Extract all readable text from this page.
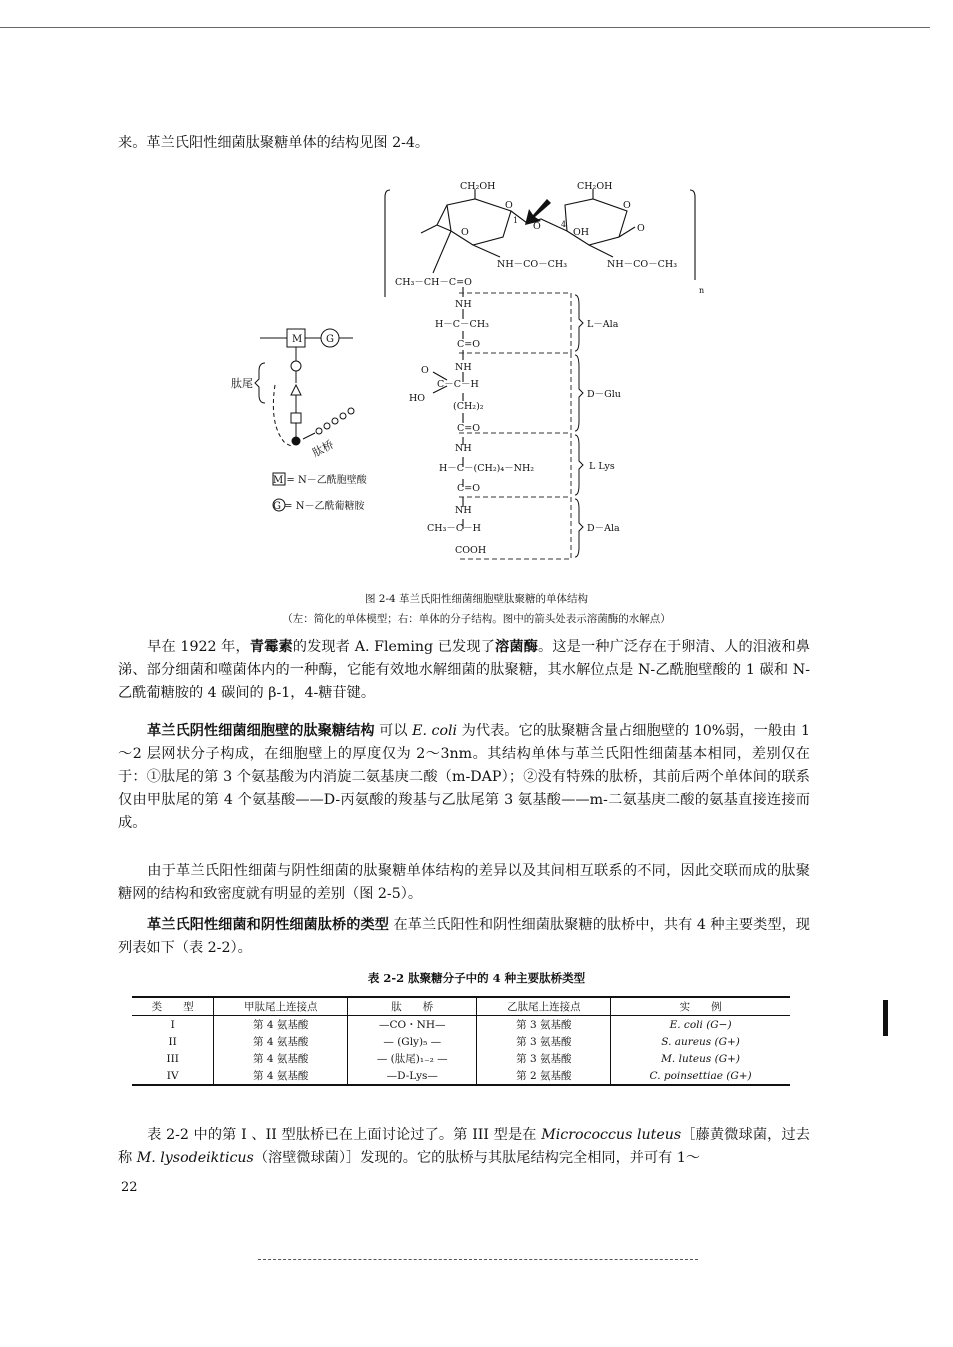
来。革兰氏阳性细菌肽聚糖单体的结构见图 2-4。
CH₂OH	CH₂OH
O	O
O	O
O
OH
1	4
NH－CO－CH₃	NH－CO－CH₃
CH₃－CH－C=O
n
NH
H－C－CH₃
C=O
L－Ala
NH
O
C－C－H
HO
(CH₂)₂
C=O
D－Glu
NH
H－C－(CH₂)₄－NH₂
C=O
L Lys
NH
CH₃－C－H
COOH
D－Ala
M G
肽尾
肽桥
M = N－乙酰胞壁酸
G = N－乙酰葡糖胺
图 2-4 革兰氏阳性细菌细胞壁肽聚糖的单体结构
（左：简化的单体模型；右：单体的分子结构。图中的箭头处表示溶菌酶的水解点）
早在 1922 年，青霉素的发现者 A. Fleming 已发现了溶菌酶。这是一种广泛存在于卵清、人的泪液和鼻涕、部分细菌和噬菌体内的一种酶，它能有效地水解细菌的肽聚糖，其水解位点是 N-乙酰胞壁酸的 1 碳和 N-乙酰葡糖胺的 4 碳间的 β-1，4-糖苷键。
革兰氏阴性细菌细胞壁的肽聚糖结构 可以 E. coli 为代表。它的肽聚糖含量占细胞壁的 10%弱，一般由 1～2 层网状分子构成，在细胞壁上的厚度仅为 2～3nm。其结构单体与革兰氏阳性细菌基本相同，差别仅在于：①肽尾的第 3 个氨基酸为内消旋二氨基庚二酸（m-DAP）；②没有特殊的肽桥，其前后两个单体间的联系仅由甲肽尾的第 4 个氨基酸——D-丙氨酸的羧基与乙肽尾第 3 氨基酸——m-二氨基庚二酸的氨基直接连接而成。
由于革兰氏阳性细菌与阴性细菌的肽聚糖单体结构的差异以及其间相互联系的不同，因此交联而成的肽聚糖网的结构和致密度就有明显的差别（图 2-5）。
革兰氏阳性细菌和阴性细菌肽桥的类型 在革兰氏阳性和阴性细菌肽聚糖的肽桥中，共有 4 种主要类型，现列表如下（表 2-2）。
表 2-2 肽聚糖分子中的 4 种主要肽桥类型
类　　型	甲肽尾上连接点	肽　　桥	乙肽尾上连接点	实　　例
I	第 4 氨基酸	—CO・NH—	第 3 氨基酸	E. coli (G−)
II	第 4 氨基酸	— (Gly)₅ —	第 3 氨基酸	S. aureus (G+)
III	第 4 氨基酸	— (肽尾)₁₋₂ —	第 3 氨基酸	M. luteus (G+)
IV	第 4 氨基酸	—D-Lys—	第 2 氨基酸	C. poinsettiae (G+)
表 2-2 中的第 I 、II 型肽桥已在上面讨论过了。第 III 型是在 Micrococcus luteus［藤黄微球菌，过去称 M. lysodeikticus（溶壁微球菌）］发现的。它的肽桥与其肽尾结构完全相同，并可有 1～
22
